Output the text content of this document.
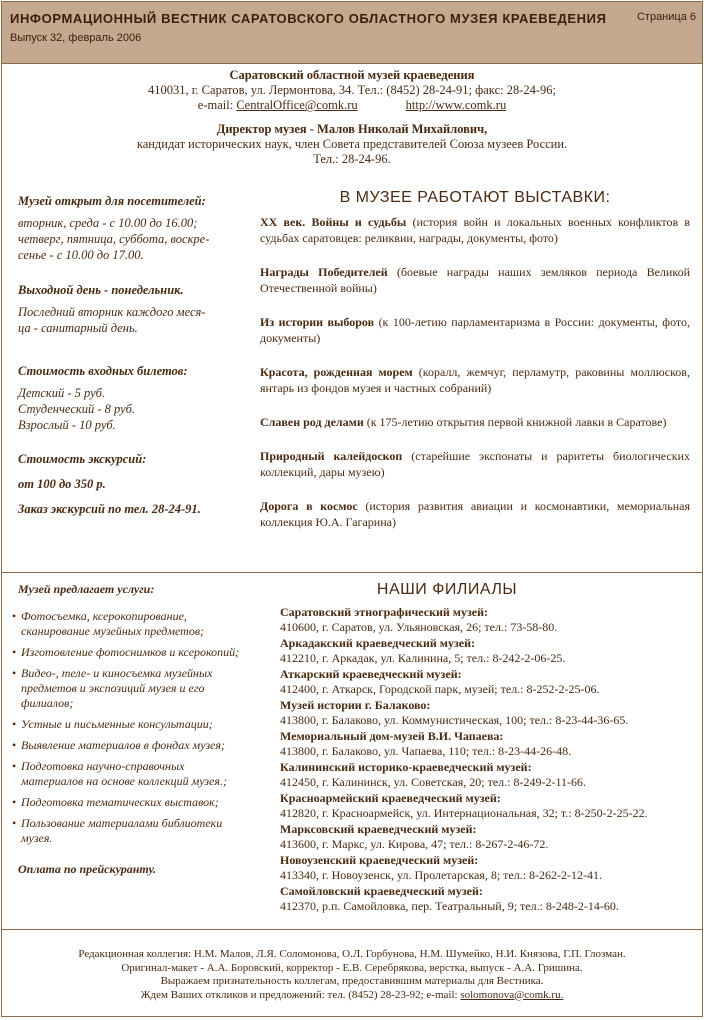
ИНФОРМАЦИОННЫЙ ВЕСТНИК САРАТОВСКОГО ОБЛАСТНОГО МУЗЕЯ КРАЕВЕДЕНИЯ
Выпуск 32, февраль 2006
Страница 6
Саратовский областной музей краеведения
410031, г. Саратов, ул. Лермонтова, 34. Тел.: (8452) 28-24-91; факс: 28-24-96;
e-mail: CentralOffice@comk.ru	http://www.comk.ru
Директор музея - Малов Николай Михайлович,
кандидат исторических наук, член Совета представителей Союза музеев России.
Тел.: 28-24-96.

Музей открыт для посетителей:

вторник, среда - с 10.00 до 16.00;

четверг, пятница, суббота, воскре-

сенье - с 10.00 до 17.00.

Выходной день - понедельник.

Последний вторник каждого меся-

ца - санитарный день.

Стоимость входных билетов:

Детский - 5 руб.

Студенческий - 8 руб.

Взрослый - 10 руб.

Стоимость экскурсий:

от 100 до 350 р.

Заказ экскурсий по тел. 28-24-91.

В МУЗЕЕ РАБОТАЮТ ВЫСТАВКИ:

XX век. Войны и судьбы (история войн и локальных военных конфликтов в судьбах саратовцев: реликвии, награды, документы, фото)

Награды Победителей (боевые награды наших земляков периода Великой Отечественной войны)

Из истории выборов (к 100-летию парламентаризма в России: документы, фото, документы)

Красота, рожденная морем (коралл, жемчуг, перламутр, раковины моллюсков, янтарь из фондов музея и частных собраний)

Славен род делами (к 175-летию открытия первой книжной лавки в Саратове)

Природный калейдоскоп (старейшие экспонаты и раритеты биологических коллекций, дары музею)

Дорога в космос (история развития авиации и космонавтики, мемориальная коллекция Ю.А. Гагарина)

Музей предлагает услуги:

• Фотосъемка, ксерокопирование, сканирование музейных предметов;
• Изготовление фотоснимков и ксерокопий;
• Видео-, теле- и киносъемка музейных предметов и экспозиций музея и его филиалов;
• Устные и письменные консультации;
• Выявление материалов в фондах музея;
• Подготовка научно-справочных материалов на основе коллекций музея.;
• Подготовка тематических выставок;
• Пользование материалами библиотеки музея.

Оплата по прейскуранту.

НАШИ ФИЛИАЛЫ
Саратовский этнографический музей:
410600, г. Саратов, ул. Ульяновская, 26; тел.: 73-58-80.
Аркадакский краеведческий музей:
412210, г. Аркадак, ул. Калинина, 5; тел.: 8-242-2-06-25.
Аткарский краеведческий музей:
412400, г. Аткарск, Городской парк, музей; тел.: 8-252-2-25-06.
Музей истории г. Балаково:
413800, г. Балаково, ул. Коммунистическая, 100; тел.: 8-23-44-36-65.
Мемориальный дом-музей В.И. Чапаева:
413800, г. Балаково, ул. Чапаева, 110; тел.: 8-23-44-26-48.
Калининский историко-краеведческий музей:
412450, г. Калининск, ул. Советская, 20; тел.: 8-249-2-11-66.
Красноармейский краеведческий музей:
412820, г. Красноармейск, ул. Интернациональная, 32; т.: 8-250-2-25-22.
Марксовский краеведческий музей:
413600, г. Маркс, ул. Кирова, 47; тел.: 8-267-2-46-72.
Новоузенский краеведческий музей:
413340, г. Новоузенск, ул. Пролетарская, 8; тел.: 8-262-2-12-41.
Самойловский краеведческий музей:
412370, р.п. Самойловка, пер. Театральный, 9; тел.: 8-248-2-14-60.
Редакционная коллегия: Н.М. Малов, Л.Я. Соломонова, О.Л. Горбунова, Н.М. Шумейко, Н.И. Князова, Г.П. Глозман.
Оригинал-макет - А.А. Боровский, корректор - Е.В. Серебрякова, верстка, выпуск - А.А. Гришина.
Выражаем признательность коллегам, предоставившим материалы для Вестника.
Ждем Ваших откликов и предложений: тел. (8452) 28-23-92; e-mail: solomonova@comk.ru.
